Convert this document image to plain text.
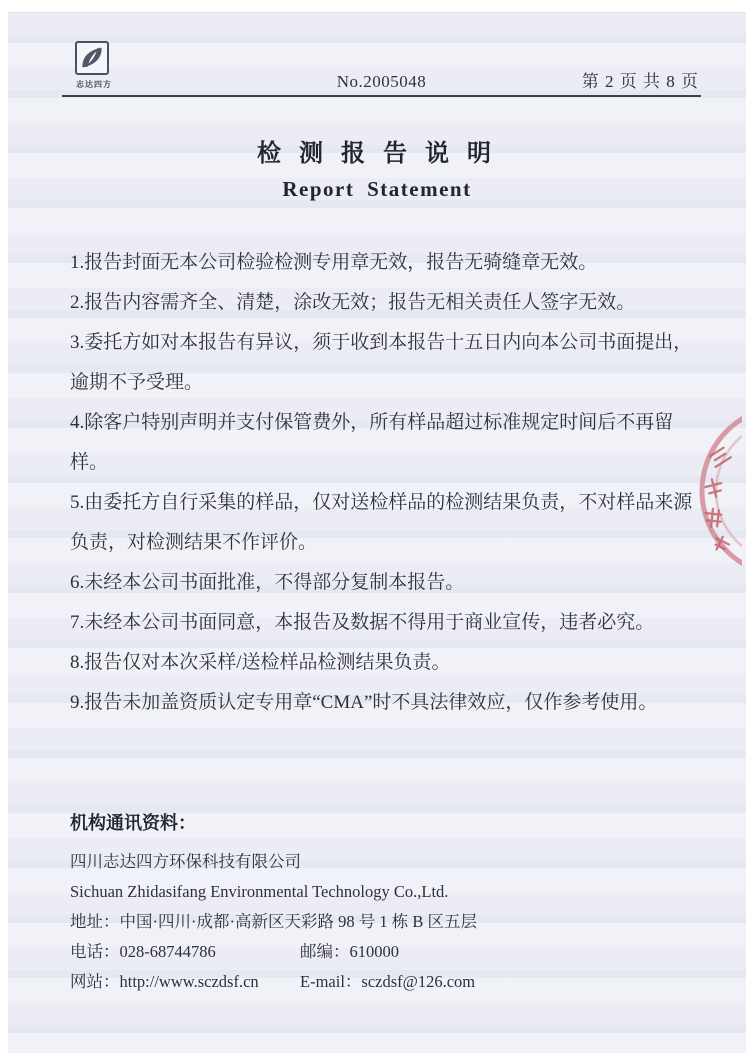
志达四方	No.2005048	第 2 页 共 8 页
检 测 报 告 说 明
Report Statement

1.报告封面无本公司检验检测专用章无效，报告无骑缝章无效。

2.报告内容需齐全、清楚，涂改无效；报告无相关责任人签字无效。

3.委托方如对本报告有异议，须于收到本报告十五日内向本公司书面提出，逾期不予受理。

4.除客户特别声明并支付保管费外，所有样品超过标准规定时间后不再留样。

5.由委托方自行采集的样品，仅对送检样品的检测结果负责，不对样品来源负责，对检测结果不作评价。

6.未经本公司书面批准，不得部分复制本报告。

7.未经本公司书面同意，本报告及数据不得用于商业宣传，违者必究。

8.报告仅对本次采样/送检样品检测结果负责。

9.报告未加盖资质认定专用章“CMA”时不具法律效应，仅作参考使用。

机构通讯资料：
四川志达四方环保科技有限公司
Sichuan Zhidasifang Environmental Technology Co.,Ltd.
地址：中国·四川·成都·高新区天彩路 98 号 1 栋 B 区五层
电话：028-68744786	邮编：610000
网站：http://www.sczdsf.cn	E-mail：sczdsf@126.com
